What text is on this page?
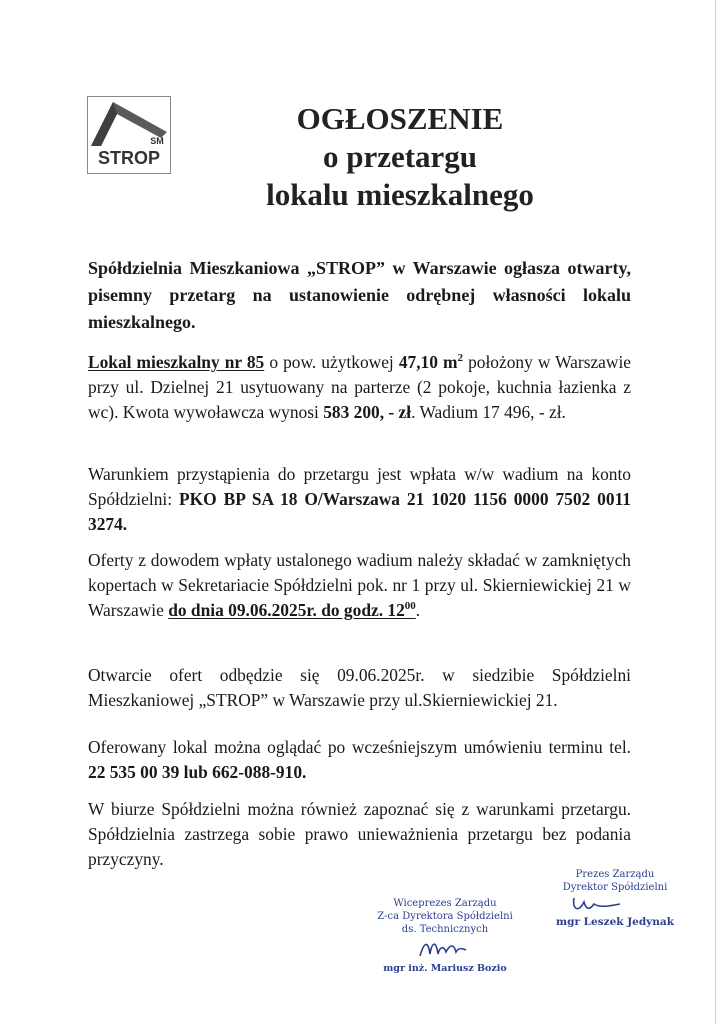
SM
STROP
OGŁOSZENIE
o przetargu
lokalu mieszkalnego

Spółdzielnia Mieszkaniowa „STROP” w Warszawie ogłasza otwarty, pisemny przetarg na ustanowienie odrębnej własności lokalu mieszkalnego.

Lokal mieszkalny nr 85 o pow. użytkowej 47,10 $m^2$ położony w Warszawie przy ul. Dzielnej 21 usytuowany na parterze (2 pokoje, kuchnia łazienka z wc). Kwota wywoławcza wynosi 583 200, - zł. Wadium 17 496, - zł.

Warunkiem przystąpienia do przetargu jest wpłata w/w wadium na konto Spółdzielni: PKO BP SA 18 O/Warszawa 21 1020 1156 0000 7502 0011 3274.

Oferty z dowodem wpłaty ustalonego wadium należy składać w zamkniętych kopertach w Sekretariacie Spółdzielni pok. nr 1 przy ul. Skierniewickiej 21 w Warszawie do dnia 09.06.2025r. do godz. $12^{00}$.

Otwarcie ofert odbędzie się 09.06.2025r. w siedzibie Spółdzielni Mieszkaniowej „STROP” w Warszawie przy ul.Skierniewickiej 21.

Oferowany lokal można oglądać po wcześniejszym umówieniu terminu tel. 22 535 00 39 lub 662-088-910.

W biurze Spółdzielni można również zapoznać się z warunkami przetargu. Spółdzielnia zastrzega sobie prawo unieważnienia przetargu bez podania przyczyny.

Wiceprezes Zarządu
Z-ca Dyrektora Spółdzielni
ds. Technicznych
mgr inż. Mariusz Bozio
Prezes Zarządu
Dyrektor Spółdzielni
mgr Leszek Jedynak
